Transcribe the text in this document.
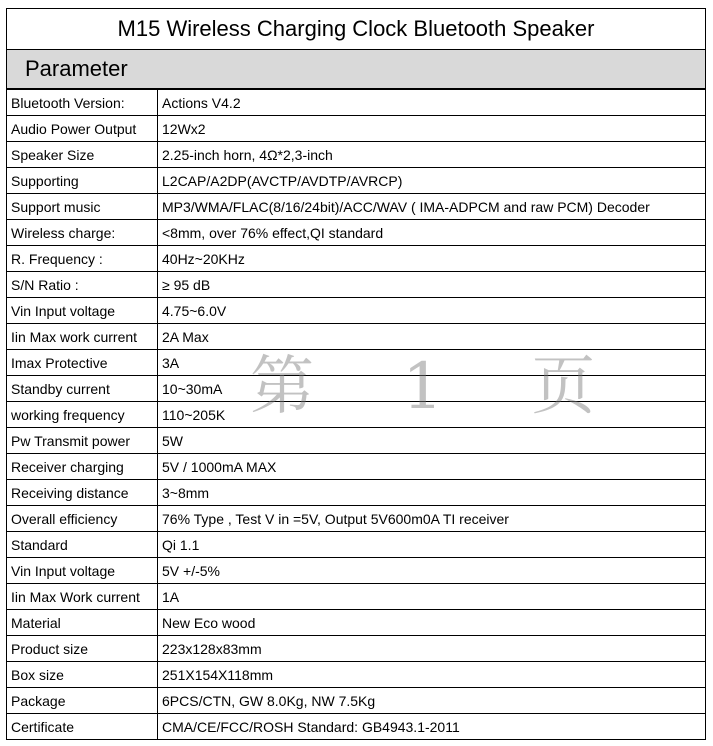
M15 Wireless Charging Clock Bluetooth Speaker
Parameter
Bluetooth Version:	Actions V4.2
Audio Power Output	12Wx2
Speaker Size	2.25-inch horn, 4Ω*2,3-inch
Supporting	L2CAP/A2DP(AVCTP/AVDTP/AVRCP)
Support music	MP3/WMA/FLAC(8/16/24bit)/ACC/WAV ( IMA-ADPCM and raw PCM) Decoder
Wireless charge:	<8mm, over 76% effect,QI standard
R. Frequency :	40Hz~20KHz
S/N Ratio :	≥ 95 dB
Vin Input voltage	4.75~6.0V
Iin Max work current	2A Max
Imax Protective	3A
Standby current	10~30mA
working frequency	110~205K
Pw Transmit power	5W
Receiver charging	5V / 1000mA MAX
Receiving distance	3~8mm
Overall efficiency	76% Type , Test V in =5V, Output 5V600m0A TI receiver
Standard	Qi 1.1
Vin Input voltage	5V +/-5%
Iin Max Work current	1A
Material	New Eco wood
Product size	223x128x83mm
Box size	251X154X118mm
Package	6PCS/CTN, GW 8.0Kg, NW 7.5Kg
Certificate	CMA/CE/FCC/ROSH Standard: GB4943.1-2011
第 1 页
